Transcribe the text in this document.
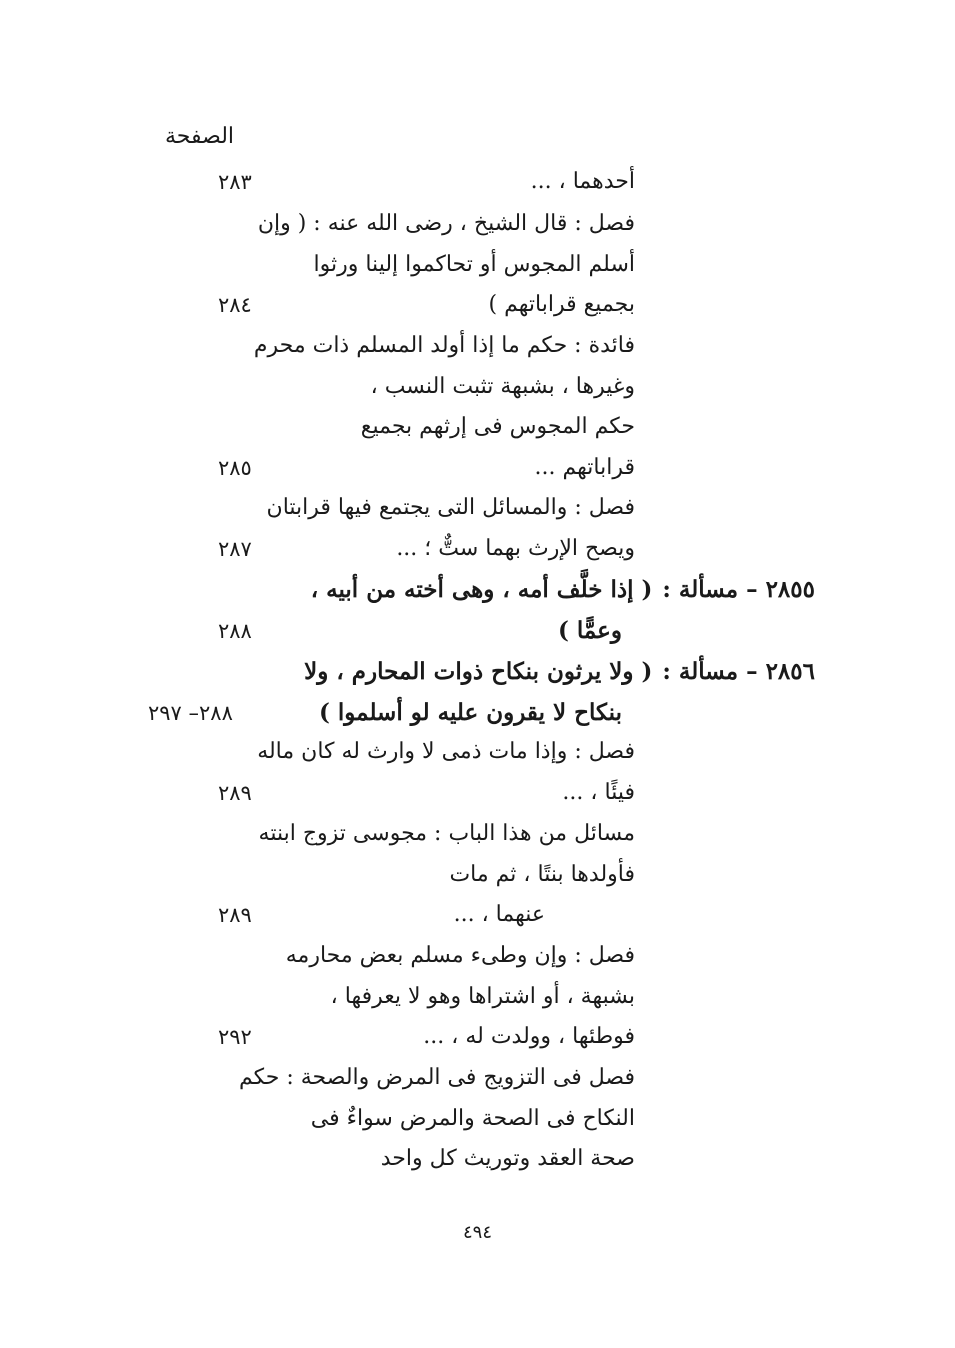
الصفحة
أحدهما ، ...
٢٨٣
فصل : قال الشيخ ، رضى الله عنه : ( وإن
أسلم المجوس أو تحاكموا إلينا ورثوا
بجميع قراباتهم )
٢٨٤
فائدة : حكم ما إذا أولد المسلم ذات محرم
وغيرها ، بشبهة تثبت النسب ،
حكم المجوس فى إرثهم بجميع
قراباتهم ...
٢٨٥
فصل : والمسائل التى يجتمع فيها قرابتان
ويصح الإرث بهما ستٌّ ؛ ...
٢٨٧
٢٨٥٥ – مسألة :( إذا خلَّف أمه ، وهى أخته من أبيه ،
وعمًّا )
٢٨٨
٢٨٥٦ – مسألة :( ولا يرثون بنكاح ذوات المحارم ، ولا
بنكاح لا يقرون عليه لو أسلموا )
٢٨٨– ٢٩٧
فصل : وإذا مات ذمى لا وارث له كان ماله
فيئًا ، ...
٢٨٩
مسائل من هذا الباب : مجوسى تزوج ابنته
فأولدها بنتًا ، ثم مات
عنهما ، ...
٢٨٩
فصل : وإن وطىء مسلم بعض محارمه
بشبهة ، أو اشتراها وهو لا يعرفها ،
فوطئها ، وولدت له ، ...
٢٩٢
فصل فى التزويج فى المرض والصحة : حكم
النكاح فى الصحة والمرض سواءٌ فى
صحة العقد وتوريث كل واحد
٤٩٤
